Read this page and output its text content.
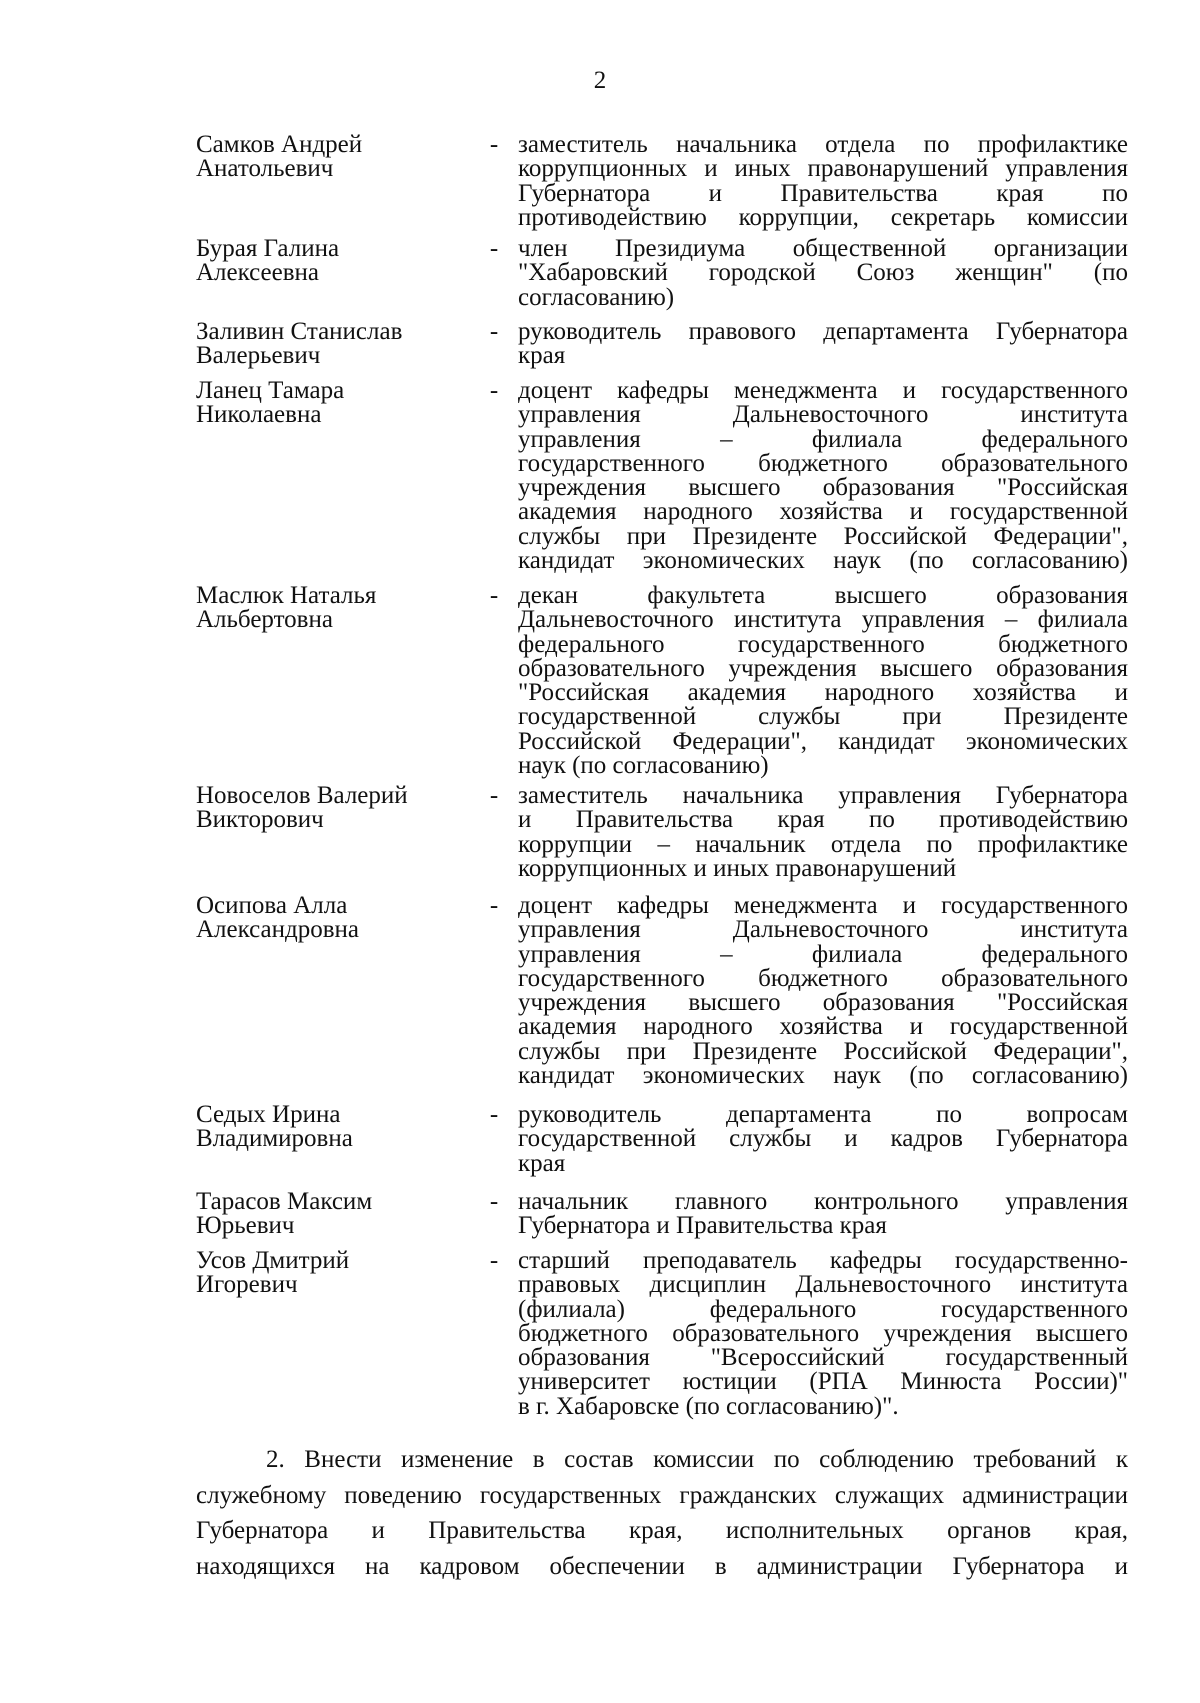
2
Самков Андрей
Анатольевич
- заместитель начальника отдела по профилактике
коррупционных и иных правонарушений управления
Губернатора и Правительства края по
противодействию коррупции, секретарь комиссии
Бурая Галина
Алексеевна
- член Президиума общественной организации
"Хабаровский городской Союз женщин" (по
согласованию)
Заливин Станислав
Валерьевич
- руководитель правового департамента Губернатора
края
Ланец Тамара
Николаевна
- доцент кафедры менеджмента и государственного
управления Дальневосточного института
управления – филиала федерального
государственного бюджетного образовательного
учреждения высшего образования "Российская
академия народного хозяйства и государственной
службы при Президенте Российской Федерации",
кандидат экономических наук (по согласованию)
Маслюк Наталья
Альбертовна
- декан факультета высшего образования
Дальневосточного института управления – филиала
федерального государственного бюджетного
образовательного учреждения высшего образования
"Российская академия народного хозяйства и
государственной службы при Президенте
Российской Федерации", кандидат экономических
наук (по согласованию)
Новоселов Валерий
Викторович
- заместитель начальника управления Губернатора
и Правительства края по противодействию
коррупции – начальник отдела по профилактике
коррупционных и иных правонарушений
Осипова Алла
Александровна
- доцент кафедры менеджмента и государственного
управления Дальневосточного института
управления – филиала федерального
государственного бюджетного образовательного
учреждения высшего образования "Российская
академия народного хозяйства и государственной
службы при Президенте Российской Федерации",
кандидат экономических наук (по согласованию)
Седых Ирина
Владимировна
- руководитель департамента по вопросам
государственной службы и кадров Губернатора
края
Тарасов Максим
Юрьевич
- начальник главного контрольного управления
Губернатора и Правительства края
Усов Дмитрий
Игоревич
- старший преподаватель кафедры государственно-
правовых дисциплин Дальневосточного института
(филиала) федерального государственного
бюджетного образовательного учреждения высшего
образования "Всероссийский государственный
университет юстиции (РПА Минюста России)"
в г. Хабаровске (по согласованию)".
2. Внести изменение в состав комиссии по соблюдению требований к
служебному поведению государственных гражданских служащих администрации
Губернатора и Правительства края, исполнительных органов края,
находящихся на кадровом обеспечении в администрации Губернатора и
